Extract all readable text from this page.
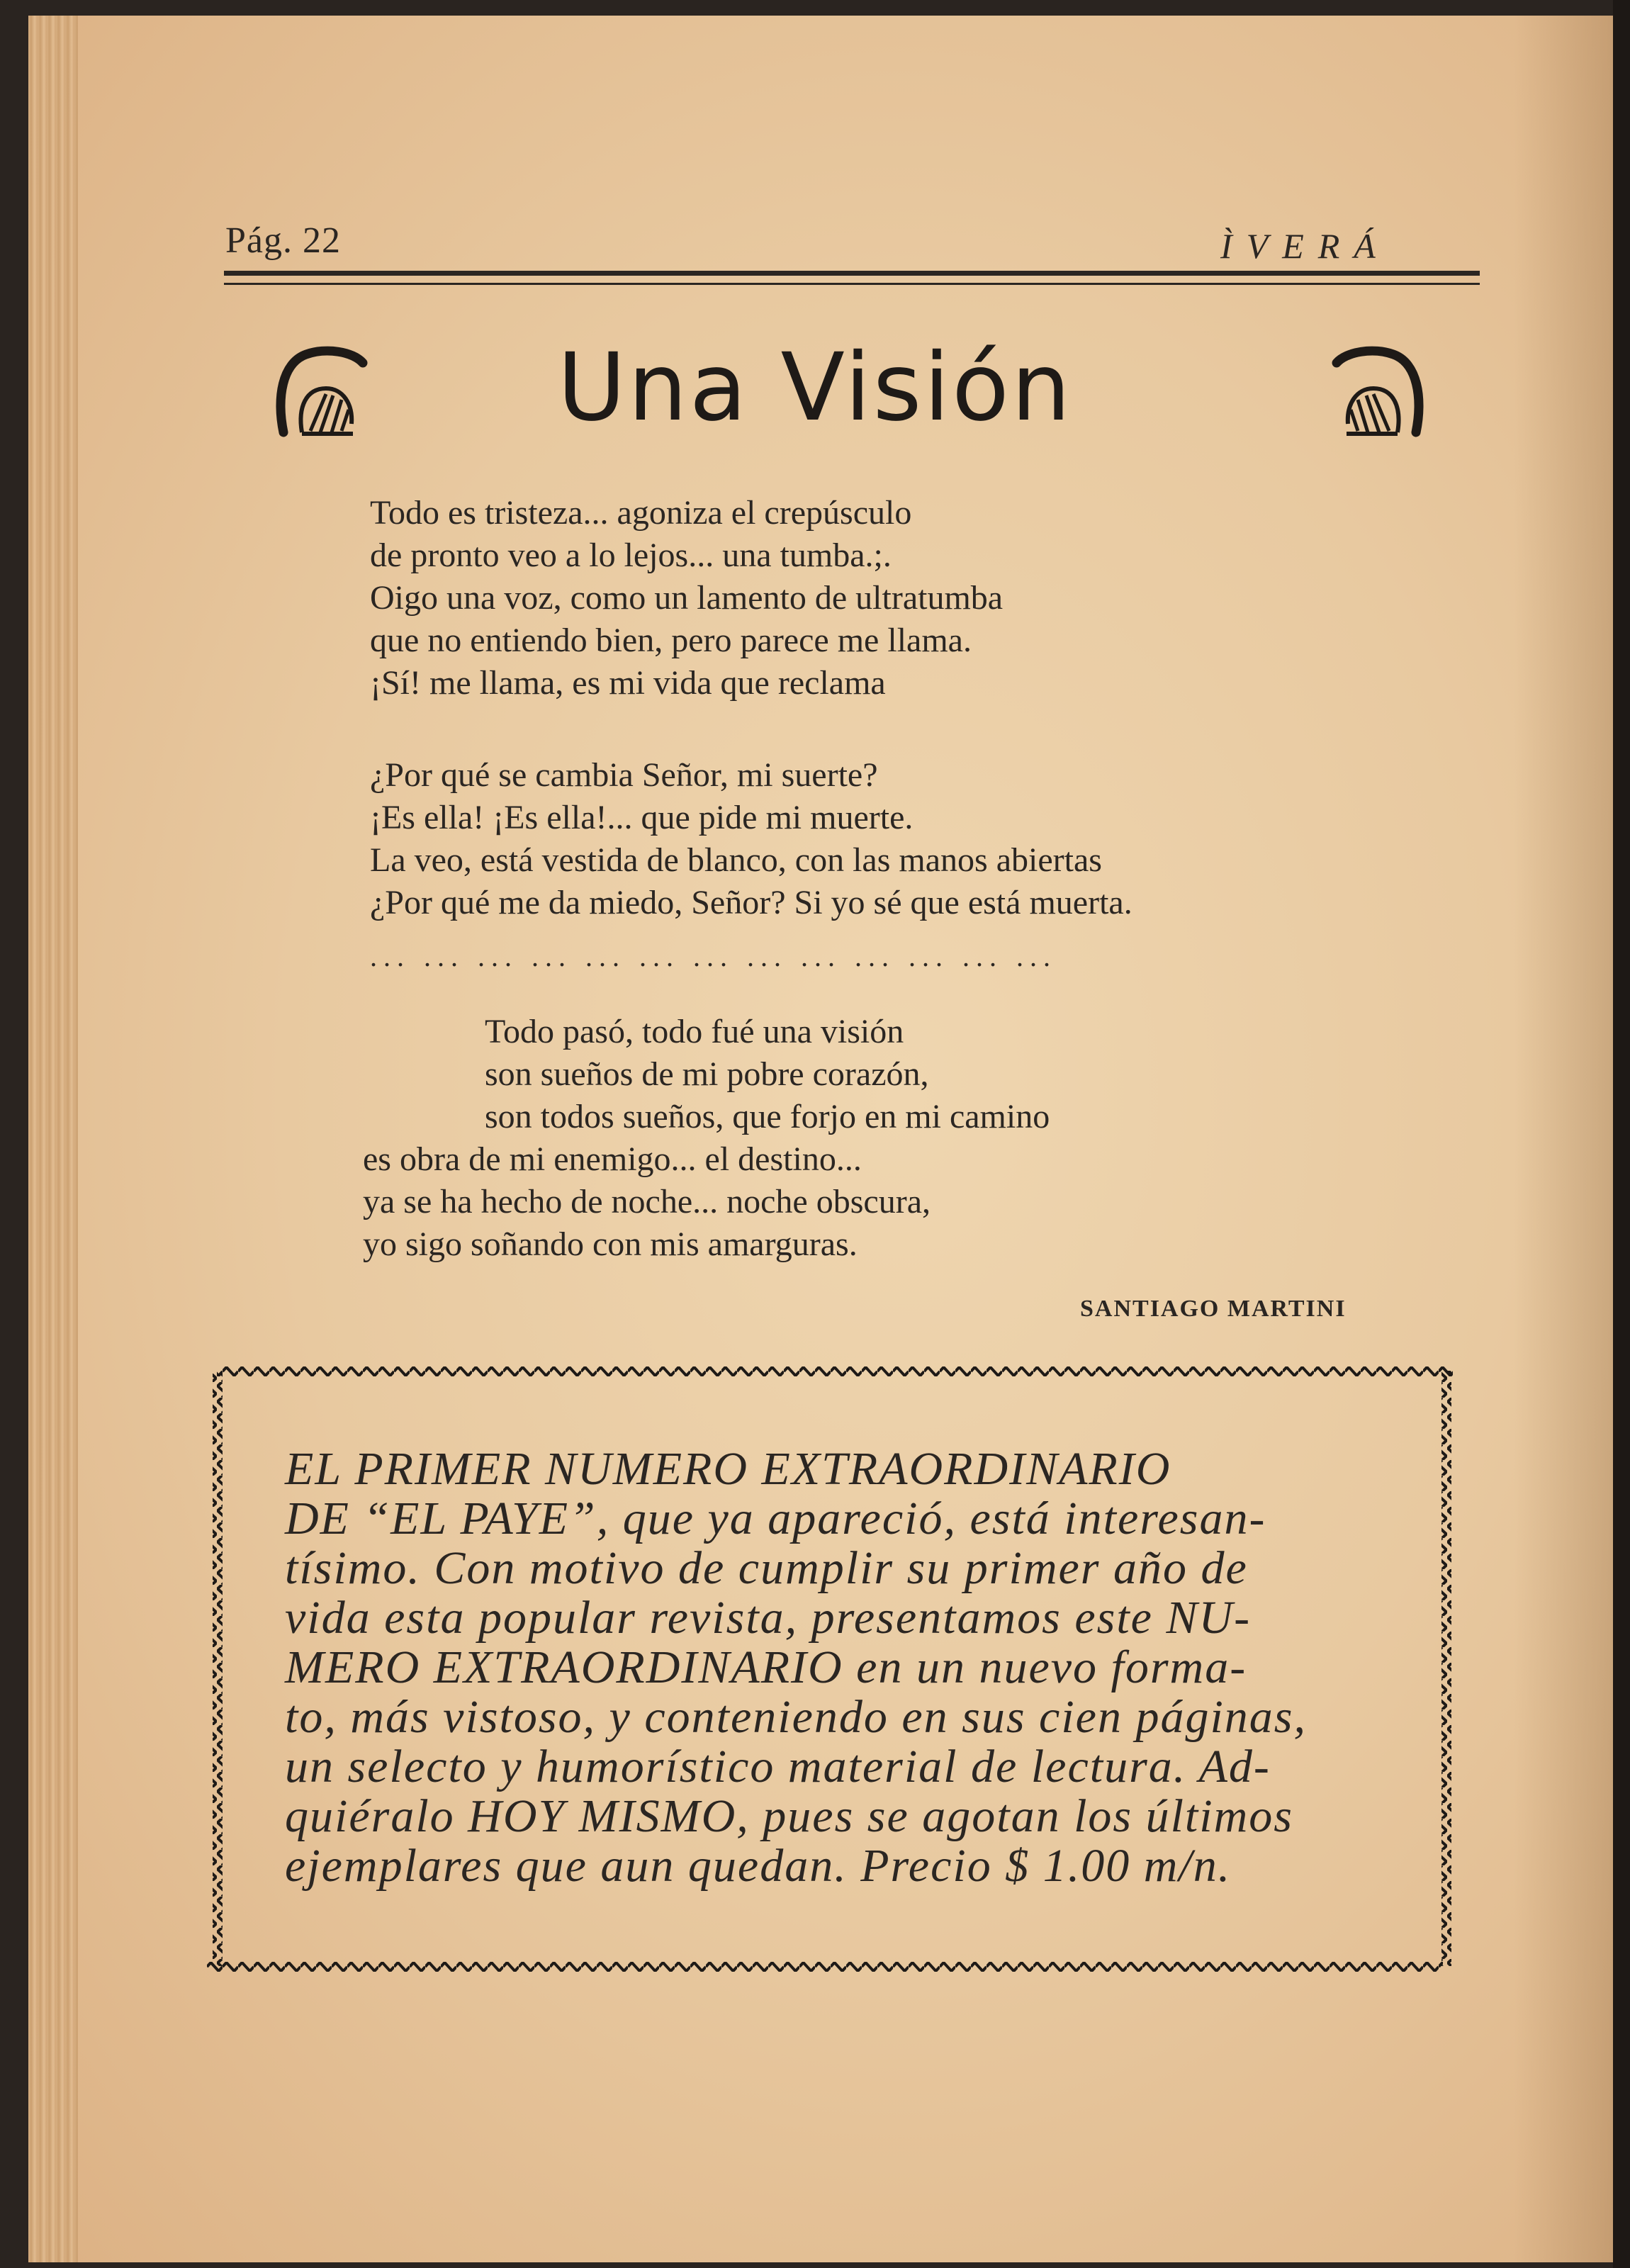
Pág. 22	ÌVERÁ
Una Visión
Todo es tristeza... agoniza el crepúsculo
de pronto veo a lo lejos... una tumba.;.
Oigo una voz, como un lamento de ultratumba
que no entiendo bien, pero parece me llama.
¡Sí! me llama, es mi vida que reclama
¿Por qué se cambia Señor, mi suerte?
¡Es ella! ¡Es ella!... que pide mi muerte.
La veo, está vestida de blanco, con las manos abiertas
¿Por qué me da miedo, Señor? Si yo sé que está muerta.
... ... ... ... ... ... ... ... ... ... ... ... ...
Todo pasó, todo fué una visión
son sueños de mi pobre corazón,
son todos sueños, que forjo en mi camino
es obra de mi enemigo... el destino...
ya se ha hecho de noche... noche obscura,
yo sigo soñando con mis amarguras.
SANTIAGO MARTINI
EL PRIMER NUMERO EXTRAORDINARIO
DE “EL PAYE”, que ya apareció, está interesan-
tísimo. Con motivo de cumplir su primer año de
vida esta popular revista, presentamos este NU-
MERO EXTRAORDINARIO en un nuevo forma-
to, más vistoso, y conteniendo en sus cien páginas,
un selecto y humorístico material de lectura. Ad-
quiéralo HOY MISMO, pues se agotan los últimos
ejemplares que aun quedan. Precio $ 1.00 m/n.
